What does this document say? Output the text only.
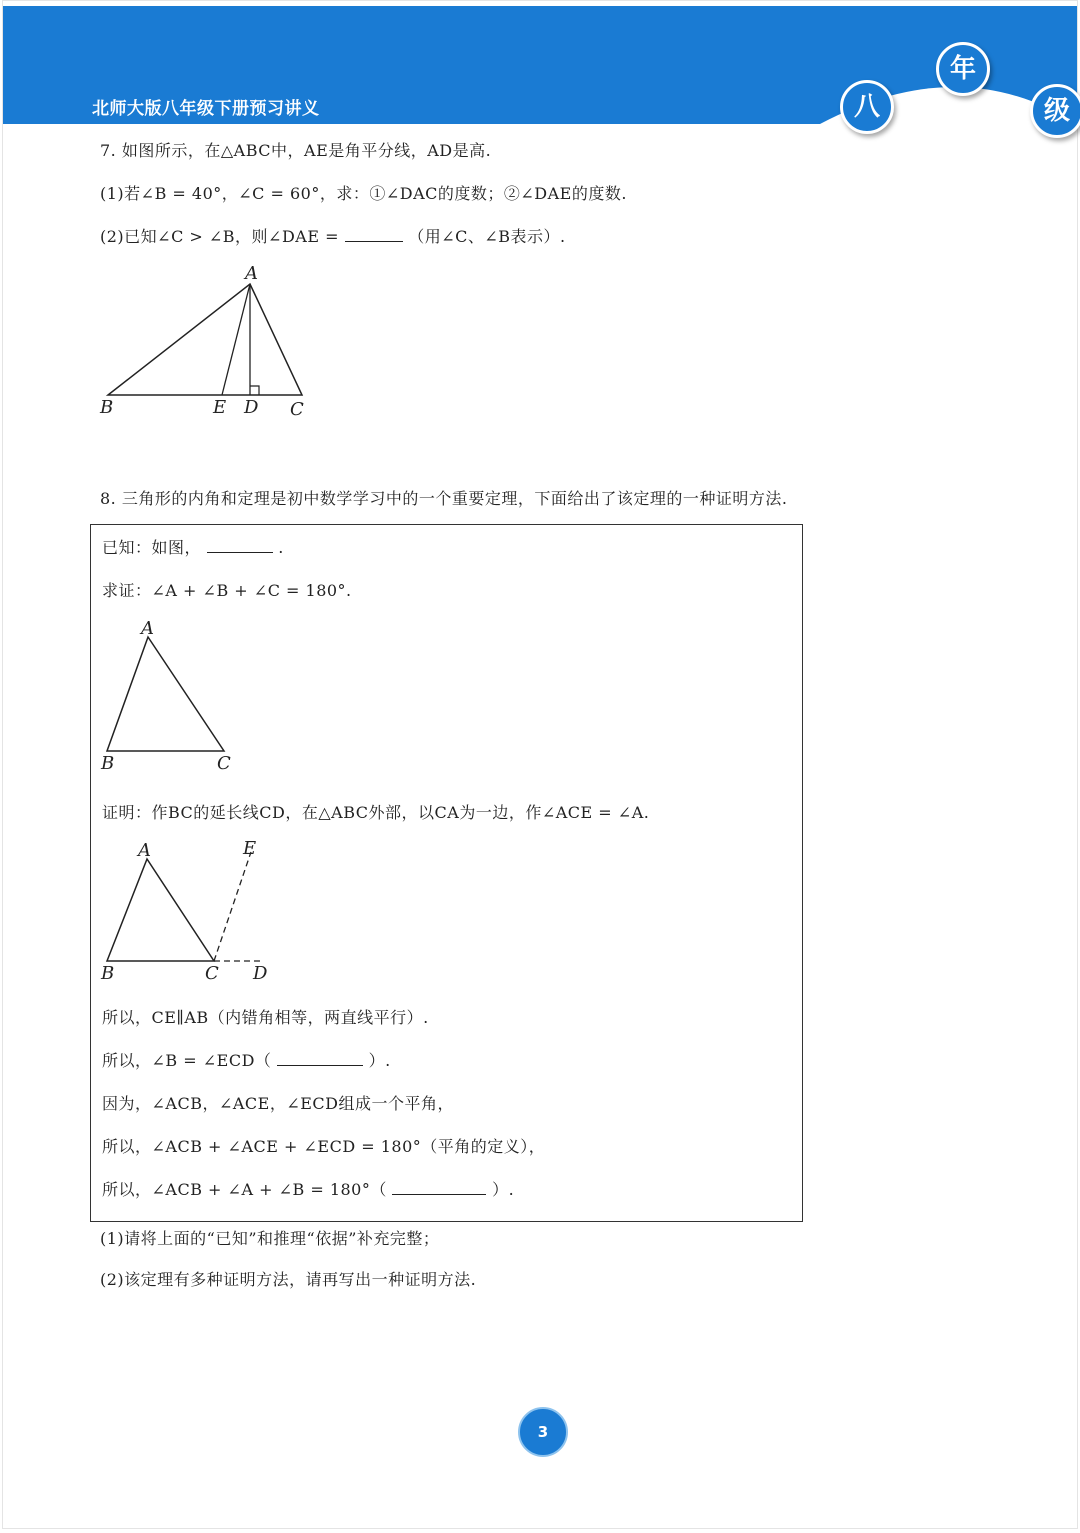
北师大版八年级下册预习讲义	八
年
级
7. 如图所示，在△ABC中，AE是角平分线，AD是高.
(1)若∠B = 40°，∠C = 60°，求：①∠DAC的度数；②∠DAE的度数.
(2)已知∠C > ∠B，则∠DAE =	（用∠C、∠B表示）.
A
B	E D C
8. 三角形的内角和定理是初中数学学习中的一个重要定理，下面给出了该定理的一种证明方法.
已知：如图，	.
求证：∠A + ∠B + ∠C = 180°.
A
B	C
证明：作BC的延长线CD，在△ABC外部，以CA为一边，作∠ACE = ∠A.
A
B	C D
E
所以，CE∥AB（内错角相等，两直线平行）.
所以，∠B = ∠ECD（	）.
因为，∠ACB，∠ACE，∠ECD组成一个平角，
所以，∠ACB + ∠ACE + ∠ECD = 180°（平角的定义），
所以，∠ACB + ∠A + ∠B = 180°（	）.
(1)请将上面的“已知”和推理“依据”补充完整；
(2)该定理有多种证明方法，请再写出一种证明方法.
3
